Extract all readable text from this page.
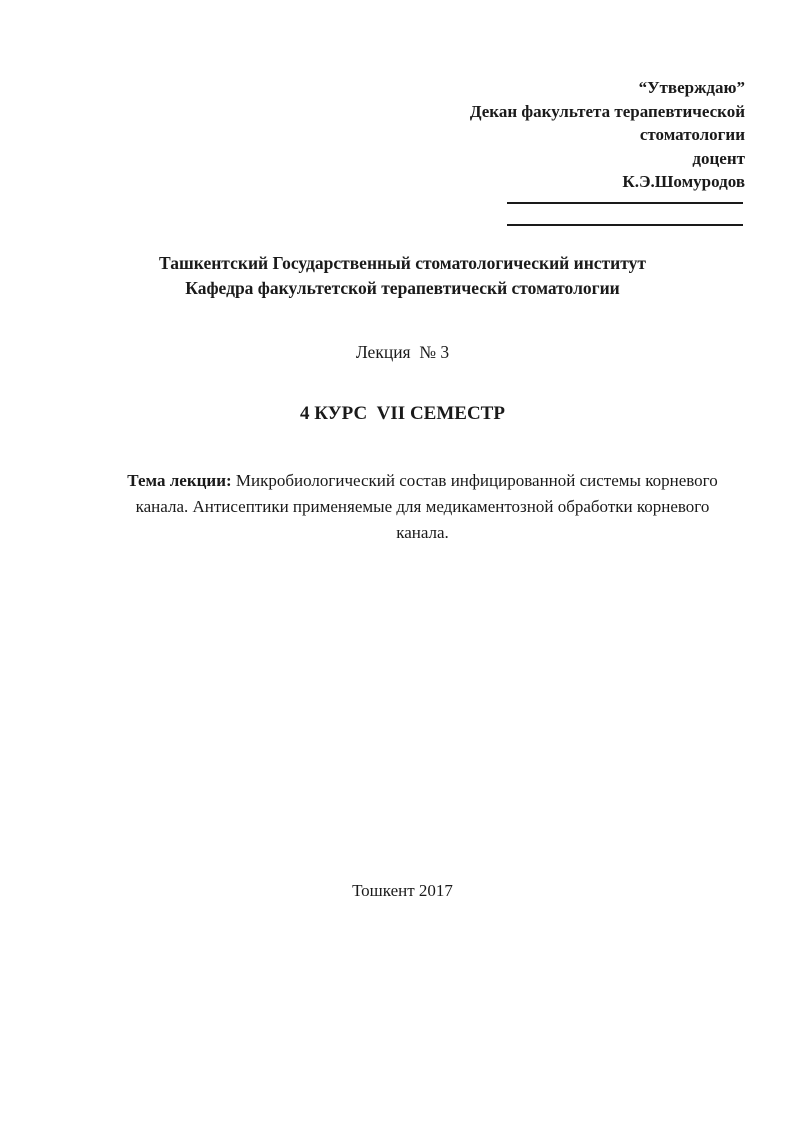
“Утверждаю”
Декан факультета терапевтической
стоматологии
доцент
К.Э.Шомуродов
Ташкентский Государственный стоматологический институт
Кафедра факультетской терапевтическй стоматологии
Лекция  № 3
4 КУРС  VII СЕМЕСТР
Тема лекции: Микробиологический состав инфицированной системы корневого канала. Антисептики применяемые для медикаментозной обработки корневого канала.
Тошкент 2017
